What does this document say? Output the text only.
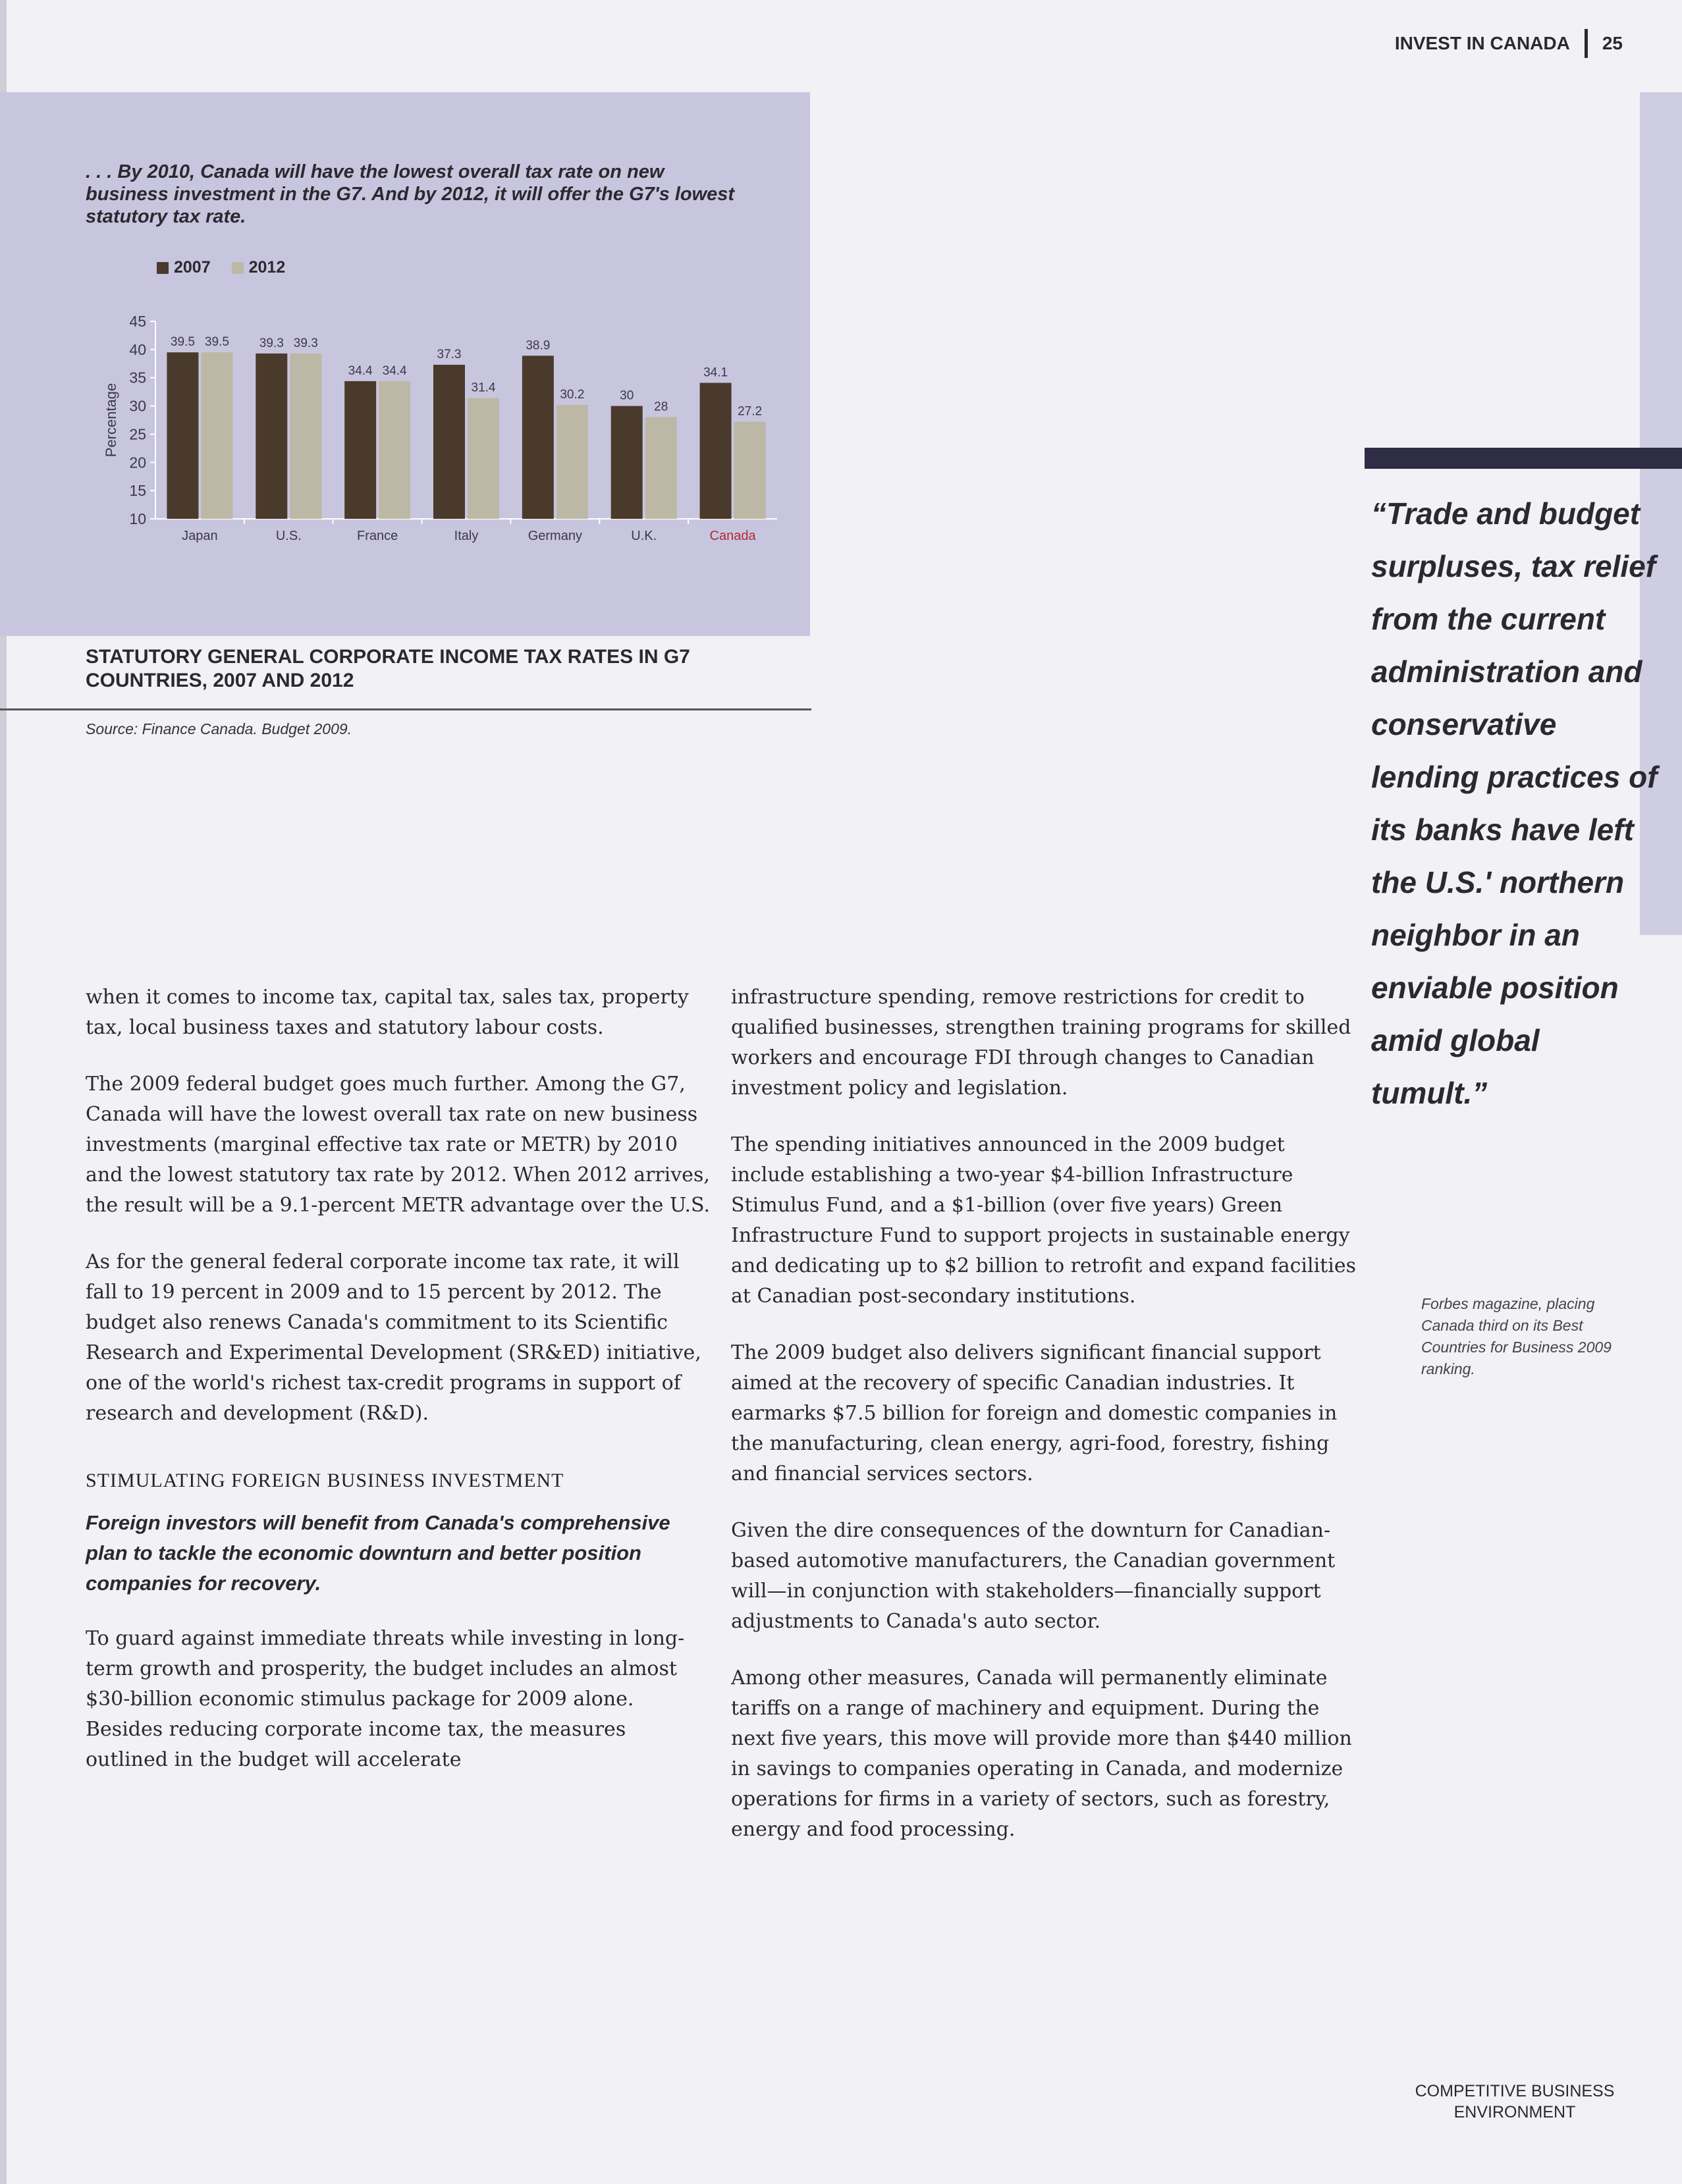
INVEST IN CANADA 25
. . . By 2010, Canada will have the lowest overall tax rate on new business investment in the G7. And by 2012, it will offer the G7's lowest statutory tax rate.
2007 2012
10
15
20
25
30
35
40
45
Percentage
39.5 39.5
Japan
39.3 39.3
U.S.
34.4 34.4
France
37.3
31.4
Italy
38.9
30.2
Germany
30
28
U.K.
34.1
27.2
Canada
STATUTORY GENERAL CORPORATE INCOME TAX RATES IN G7 COUNTRIES, 2007 AND 2012
Source: Finance Canada. Budget 2009.

when it comes to income tax, capital tax, sales tax, property tax, local business taxes and statutory labour costs.

The 2009 federal budget goes much further. Among the G7, Canada will have the lowest overall tax rate on new business investments (marginal effective tax rate or METR) by 2010 and the lowest statutory tax rate by 2012. When 2012 arrives, the result will be a 9.1-percent METR advantage over the U.S.

As for the general federal corporate income tax rate, it will fall to 19 percent in 2009 and to 15 percent by 2012. The budget also renews Canada's commitment to its Scientific Research and Experimental Development (SR&ED) initiative, one of the world's richest tax-credit programs in support of research and development (R&D).

STIMULATING FOREIGN BUSINESS INVESTMENT

Foreign investors will benefit from Canada's comprehensive plan to tackle the economic downturn and better position companies for recovery.

To guard against immediate threats while investing in long-term growth and prosperity, the budget includes an almost $30-billion economic stimulus package for 2009 alone. Besides reducing corporate income tax, the measures outlined in the budget will accelerate

infrastructure spending, remove restrictions for credit to qualified businesses, strengthen training programs for skilled workers and encourage FDI through changes to Canadian investment policy and legislation.

The spending initiatives announced in the 2009 budget include establishing a two-year $4-billion Infrastructure Stimulus Fund, and a $1-billion (over five years) Green Infrastructure Fund to support projects in sustainable energy and dedicating up to $2 billion to retrofit and expand facilities at Canadian post-secondary institutions.

The 2009 budget also delivers significant financial support aimed at the recovery of specific Canadian industries. It earmarks $7.5 billion for foreign and domestic companies in the manufacturing, clean energy, agri-food, forestry, fishing and financial services sectors.

Given the dire consequences of the downturn for Canadian-based automotive manufacturers, the Canadian government will—in conjunction with stakeholders—financially support adjustments to Canada's auto sector.

Among other measures, Canada will permanently eliminate tariffs on a range of machinery and equipment. During the next five years, this move will provide more than $440 million in savings to companies operating in Canada, and modernize operations for firms in a variety of sectors, such as forestry, energy and food processing.

“Trade and budget surpluses, tax relief from the current administration and conservative lending practices of its banks have left the U.S.' northern neighbor in an enviable position amid global tumult.”
Forbes magazine, placing Canada third on its Best Countries for Business 2009 ranking.
COMPETITIVE BUSINESS
ENVIRONMENT
